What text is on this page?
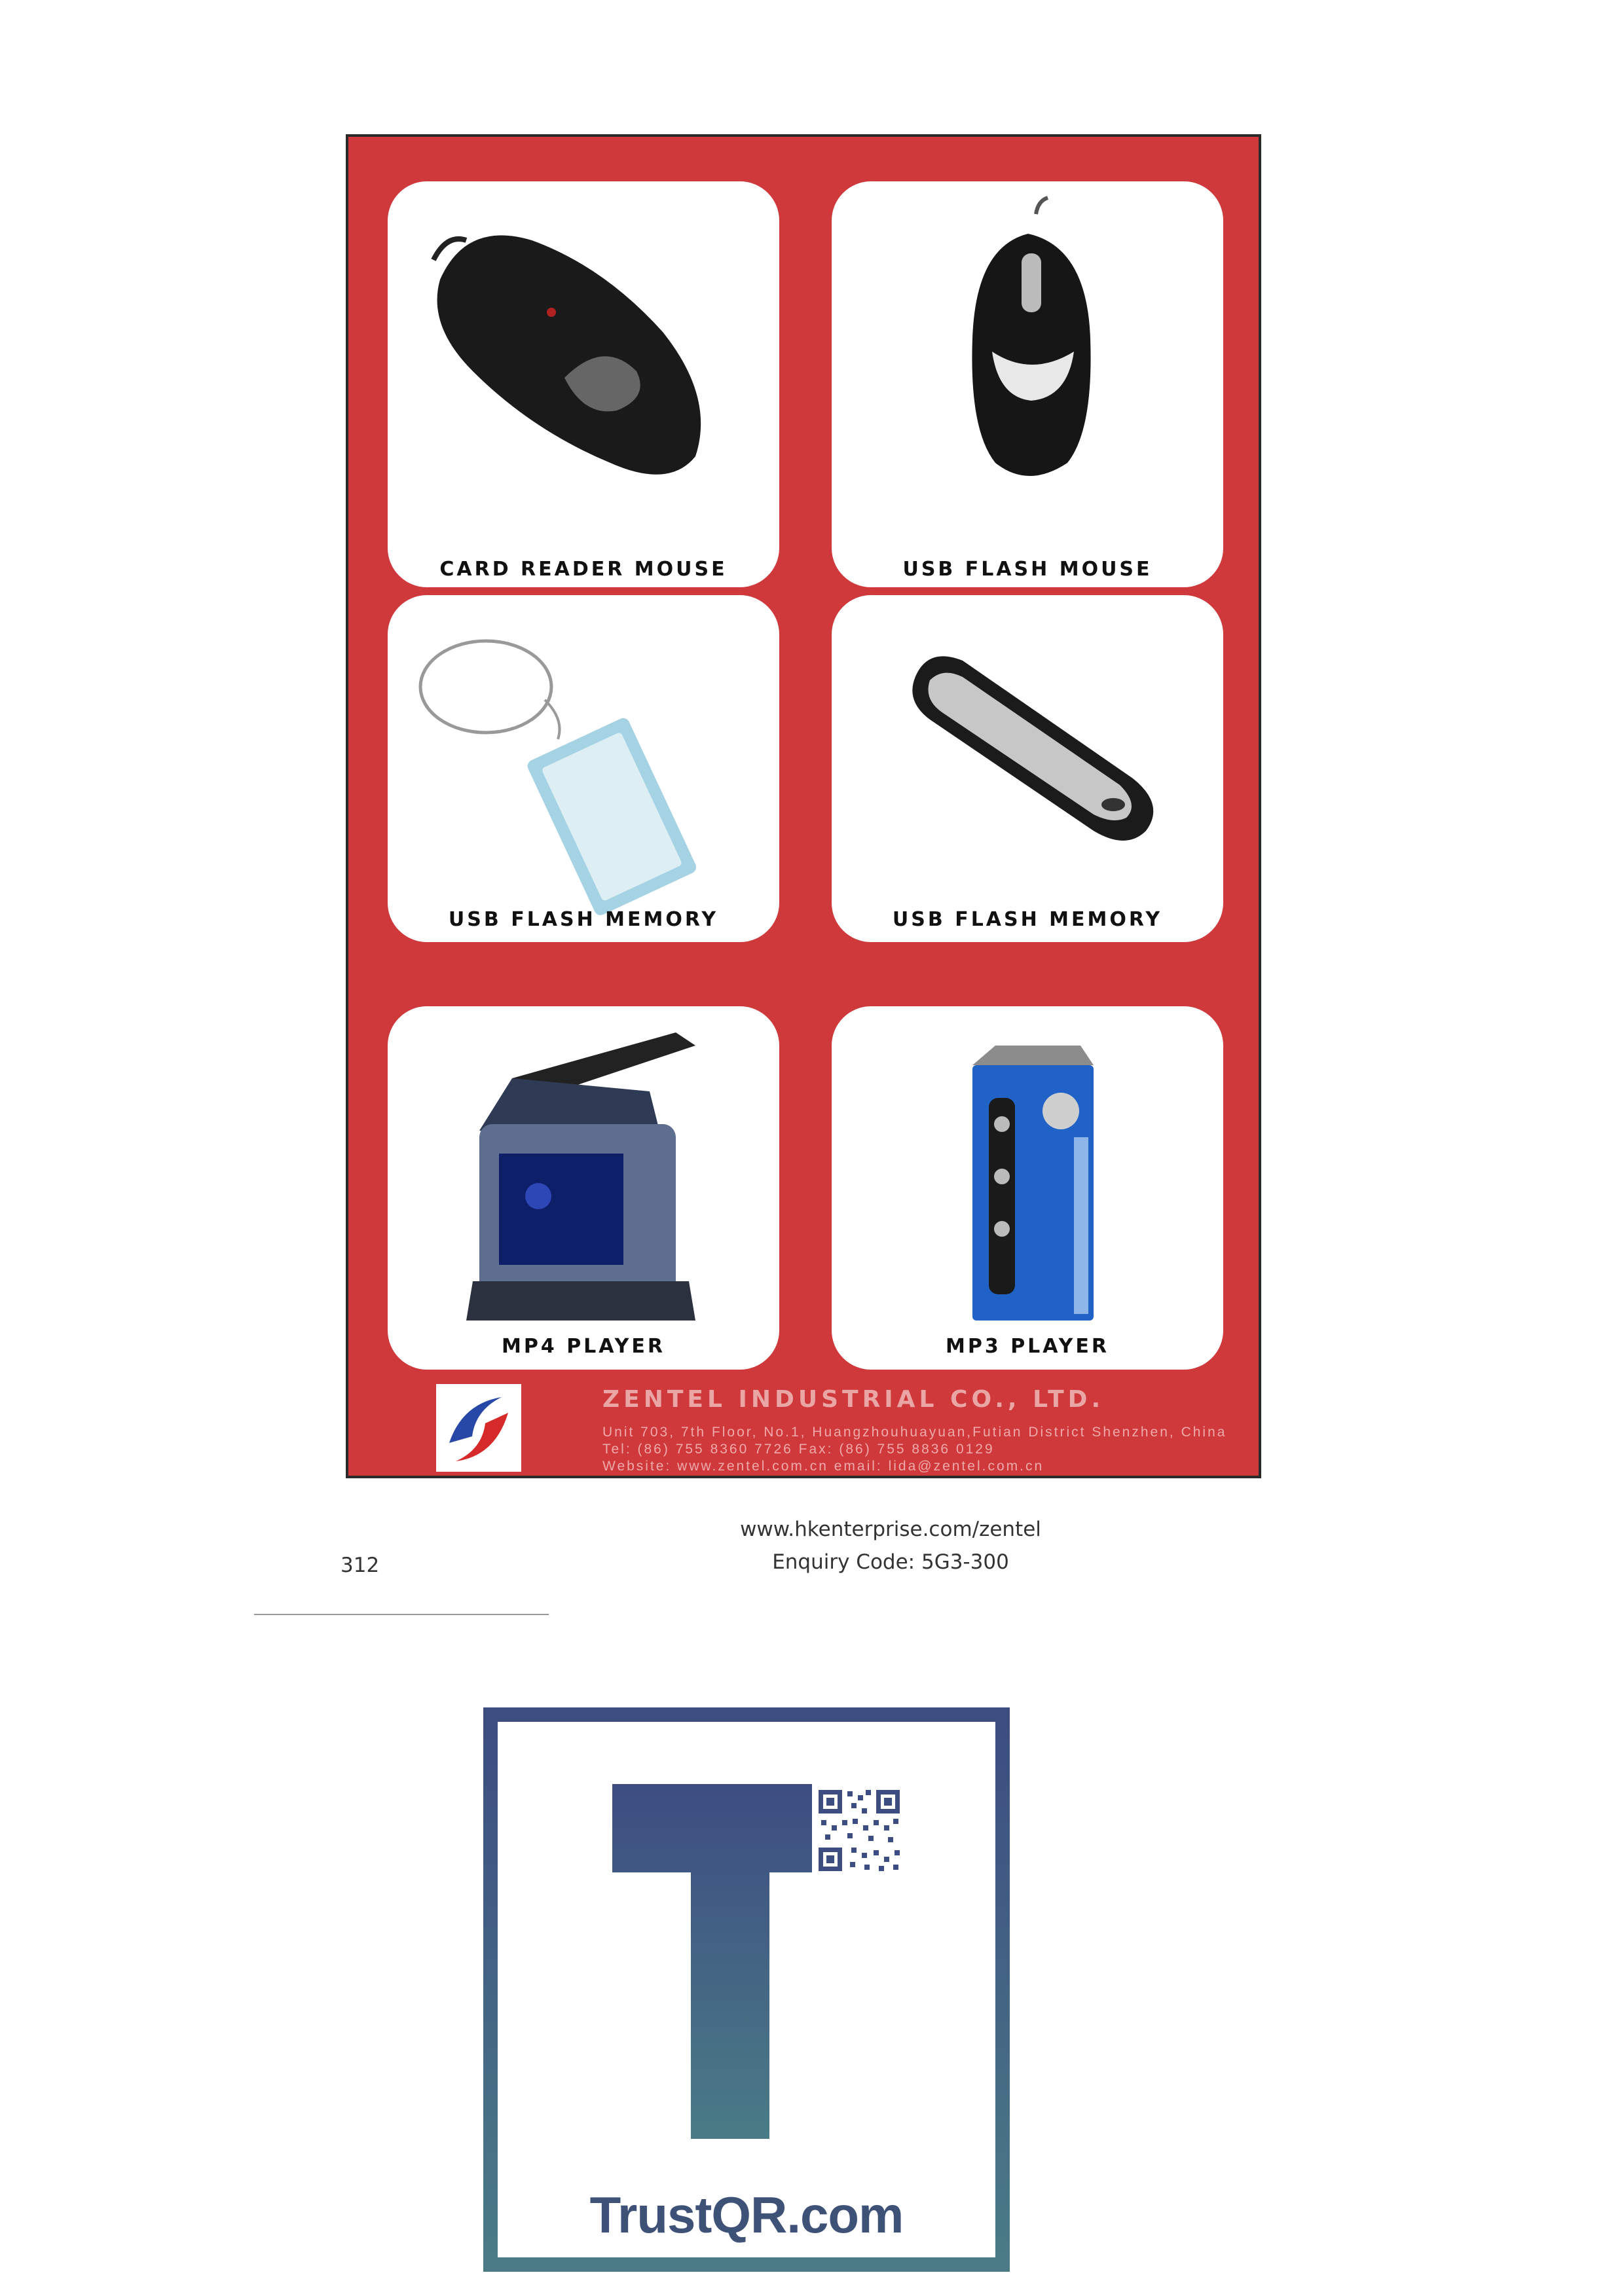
CARD READER MOUSE	USB FLASH MOUSE
USB FLASH MEMORY	USB FLASH MEMORY
MP4 PLAYER	MP3 PLAYER
ZENTEL INDUSTRIAL CO., LTD.
Unit 703, 7th Floor, No.1, Huangzhouhuayuan,Futian District Shenzhen, China
Tel: (86) 755 8360 7726 Fax: (86) 755 8836 0129
Website: www.zentel.com.cn email: lida@zentel.com.cn
www.hkenterprise.com/zentel
Enquiry Code: 5G3-300
312
TrustQR.com
